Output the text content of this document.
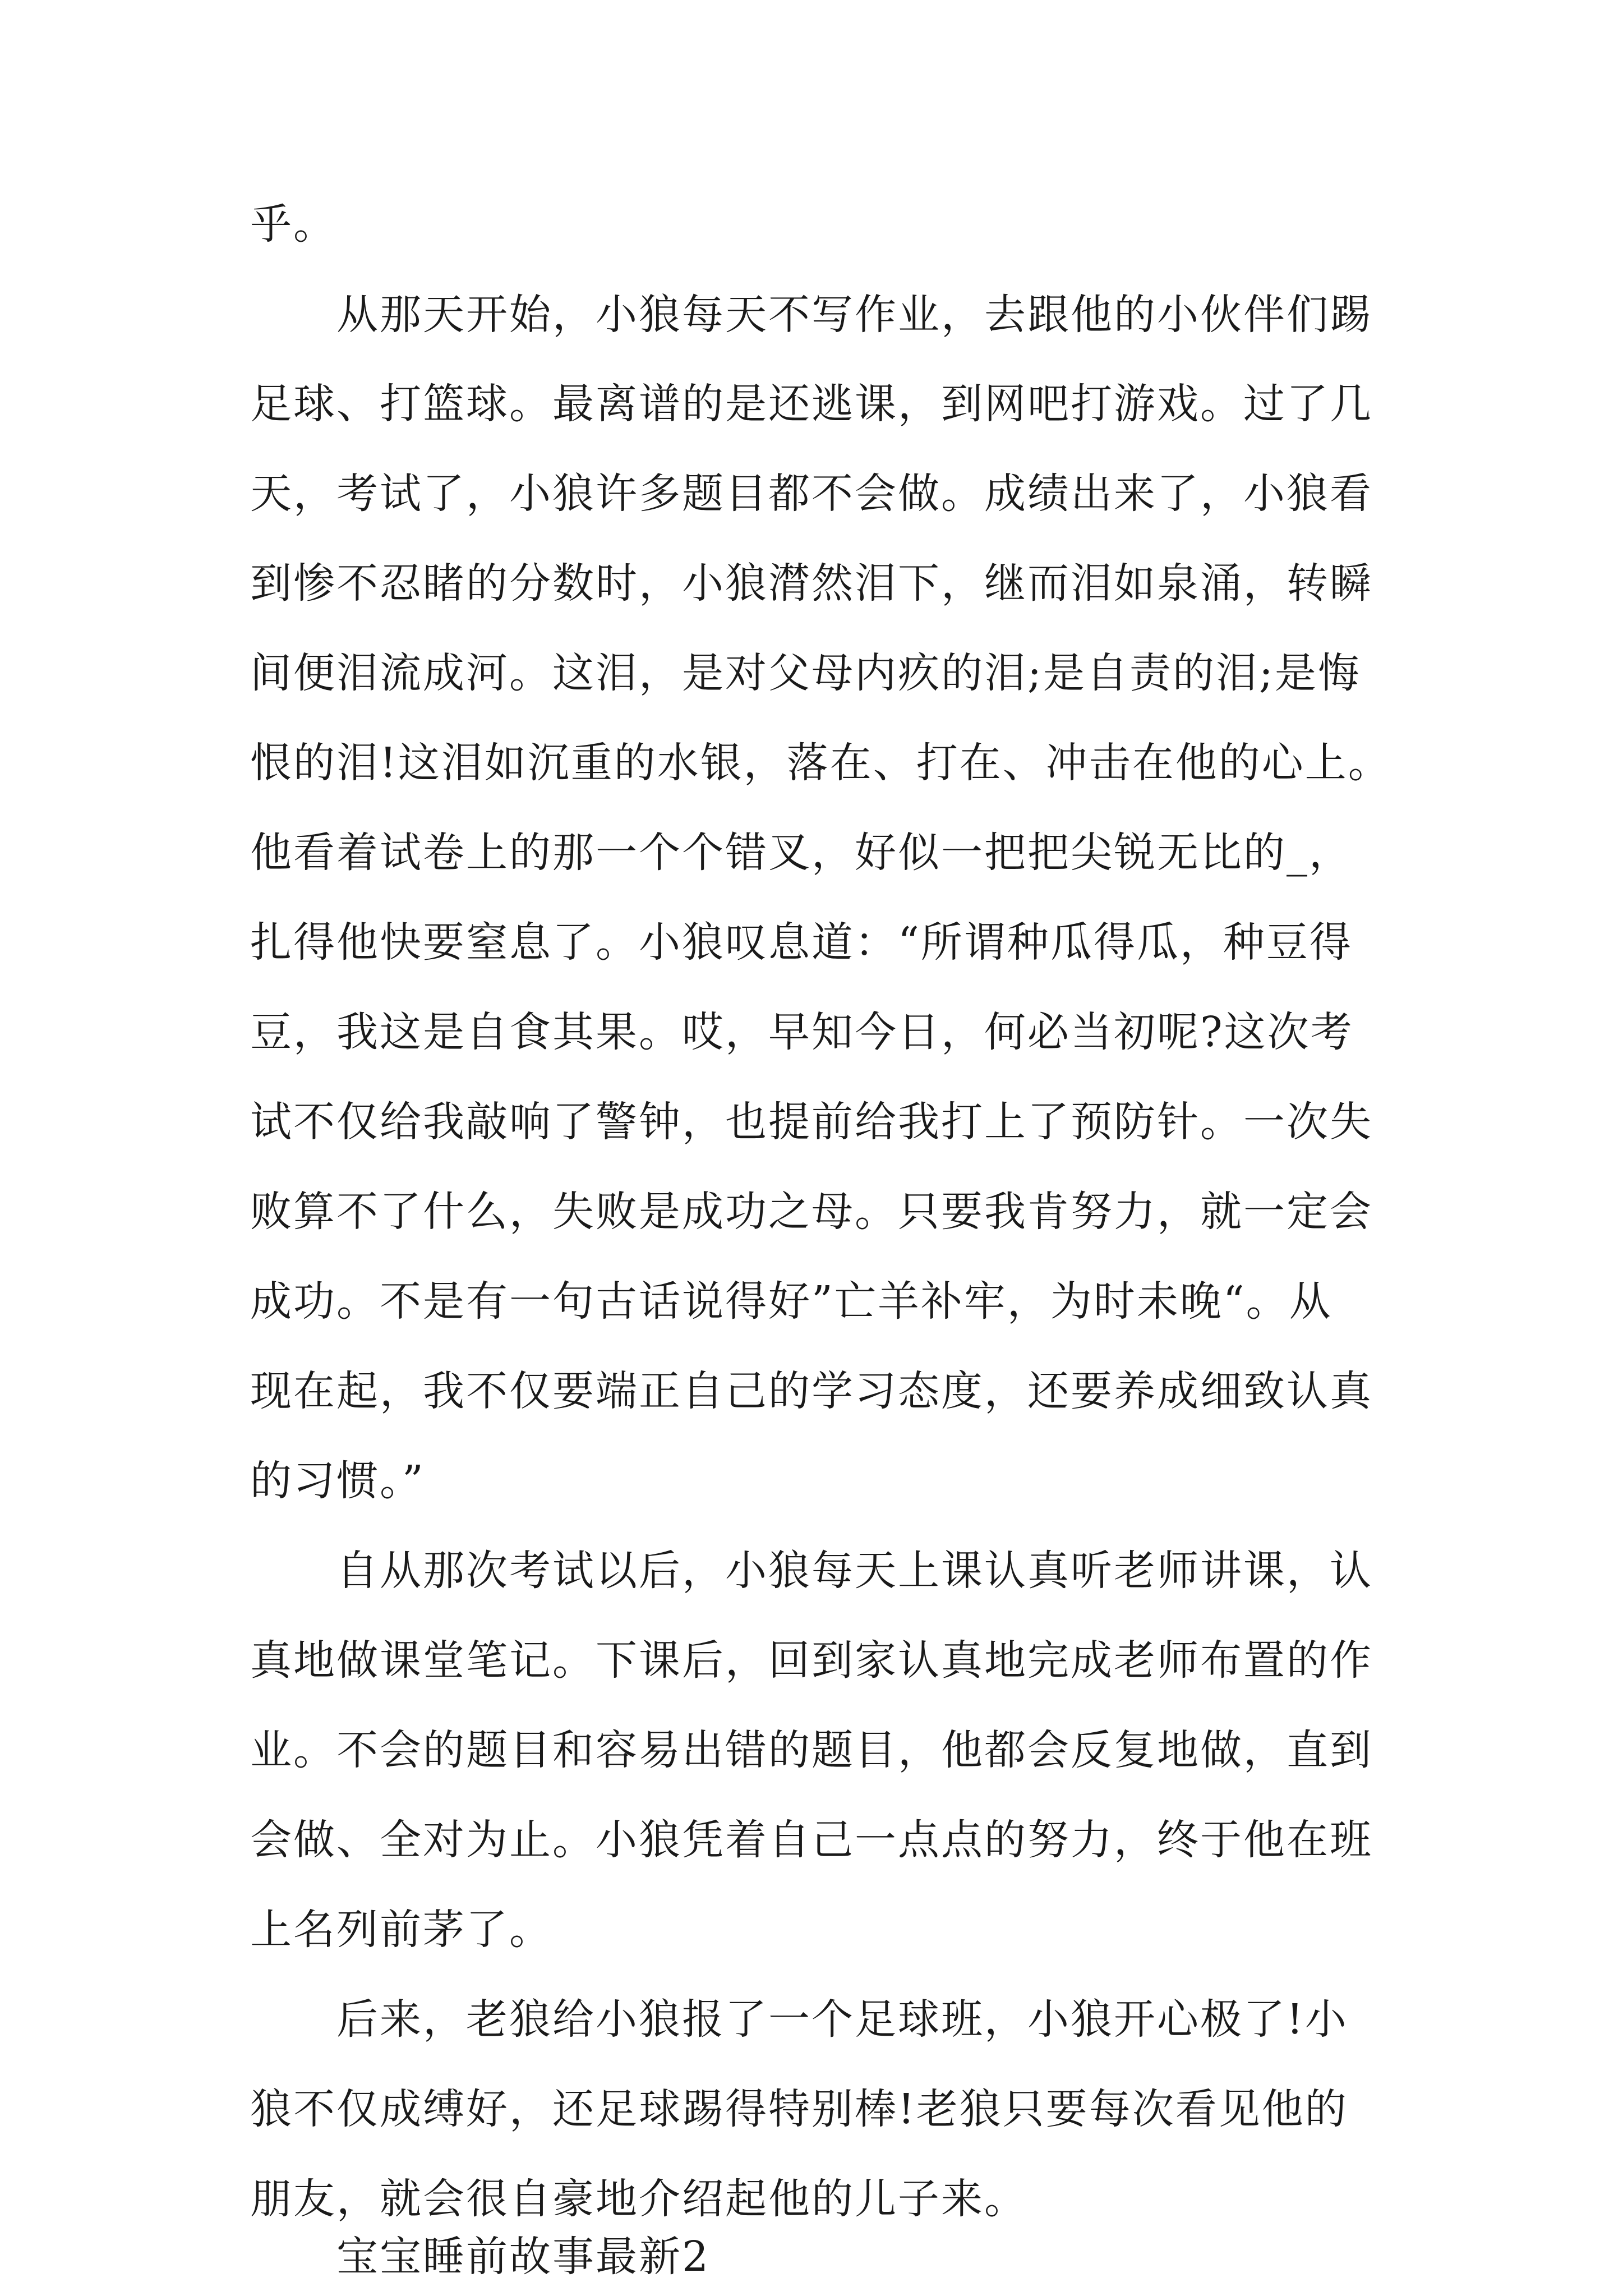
乎。
从那天开始，小狼每天不写作业，去跟他的小伙伴们踢
足球、打篮球。最离谱的是还逃课，到网吧打游戏。过了几
天，考试了，小狼许多题目都不会做。成绩出来了，小狼看
到惨不忍睹的分数时，小狼潸然泪下，继而泪如泉涌，转瞬
间便泪流成河。这泪，是对父母内疚的泪;是自责的泪;是悔
恨的泪!这泪如沉重的水银，落在、打在、冲击在他的心上。
他看着试卷上的那一个个错叉，好似一把把尖锐无比的_，
扎得他快要窒息了。小狼叹息道：“所谓种瓜得瓜，种豆得
豆，我这是自食其果。哎，早知今日，何必当初呢?这次考
试不仅给我敲响了警钟，也提前给我打上了预防针。一次失
败算不了什么，失败是成功之母。只要我肯努力，就一定会
成功。不是有一句古话说得好”亡羊补牢，为时未晚“。从
现在起，我不仅要端正自己的学习态度，还要养成细致认真
的习惯。”
自从那次考试以后，小狼每天上课认真听老师讲课，认
真地做课堂笔记。下课后，回到家认真地完成老师布置的作
业。不会的题目和容易出错的题目，他都会反复地做，直到
会做、全对为止。小狼凭着自己一点点的努力，终于他在班
上名列前茅了。
后来，老狼给小狼报了一个足球班，小狼开心极了!小
狼不仅成缚好，还足球踢得特别棒!老狼只要每次看见他的
朋友，就会很自豪地介绍起他的儿子来。
宝宝睡前故事最新2
